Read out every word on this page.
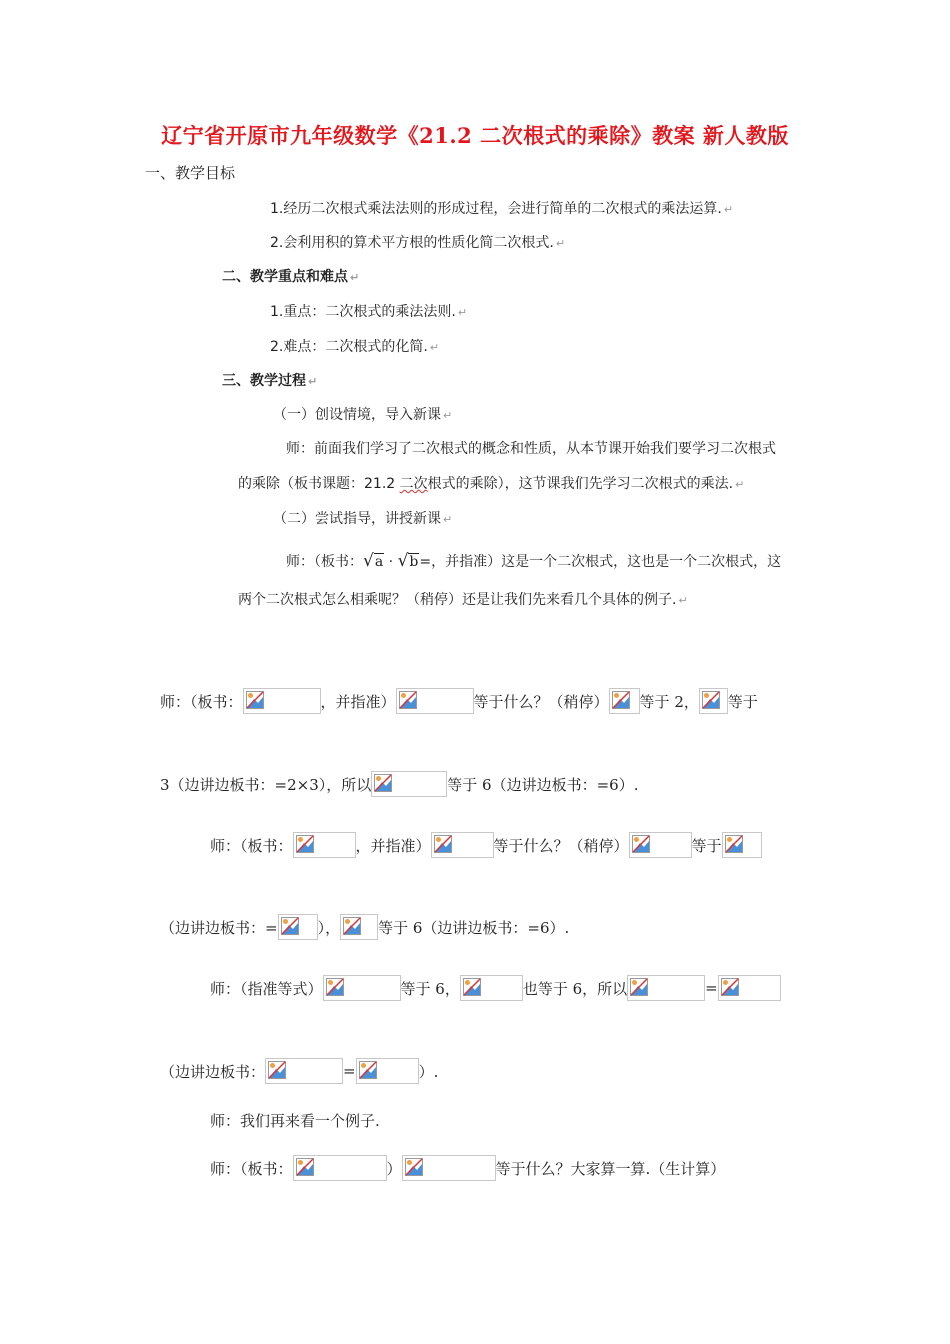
辽宁省开原市九年级数学《21.2 二次根式的乘除》教案 新人教版
一、教学目标
1.经历二次根式乘法法则的形成过程，会进行简单的二次根式的乘法运算. ↵
2.会利用积的算术平方根的性质化简二次根式. ↵
二、教学重点和难点 ↵
1.重点：二次根式的乘法法则. ↵
2.难点：二次根式的化简. ↵
三、教学过程 ↵
（一）创设情境，导入新课 ↵
师：前面我们学习了二次根式的概念和性质，从本节课开始我们要学习二次根式
的乘除（板书课题：21.2 二次根式的乘除），这节课我们先学习二次根式的乘法. ↵
（二）尝试指导，讲授新课 ↵
师：（板书：√a · √b=，并指准）这是一个二次根式，这也是一个二次根式，这
两个二次根式怎么相乘呢？（稍停）还是让我们先来看几个具体的例子. ↵
师：（板书：	，并指准）	等于什么？（稍停） 等于 2， 等于
3（边讲边板书：=2×3），所以	等于 6（边讲边板书：=6）.
师：（板书：	，并指准）	等于什么？（稍停）	等于
（边讲边板书：=	），	等于 6（边讲边板书：=6）.
师：（指准等式）	等于 6，	也等于 6，所以	=
（边讲边板书：	=	）.
师：我们再来看一个例子.
师：（板书：	）	等于什么？大家算一算.（生计算）
